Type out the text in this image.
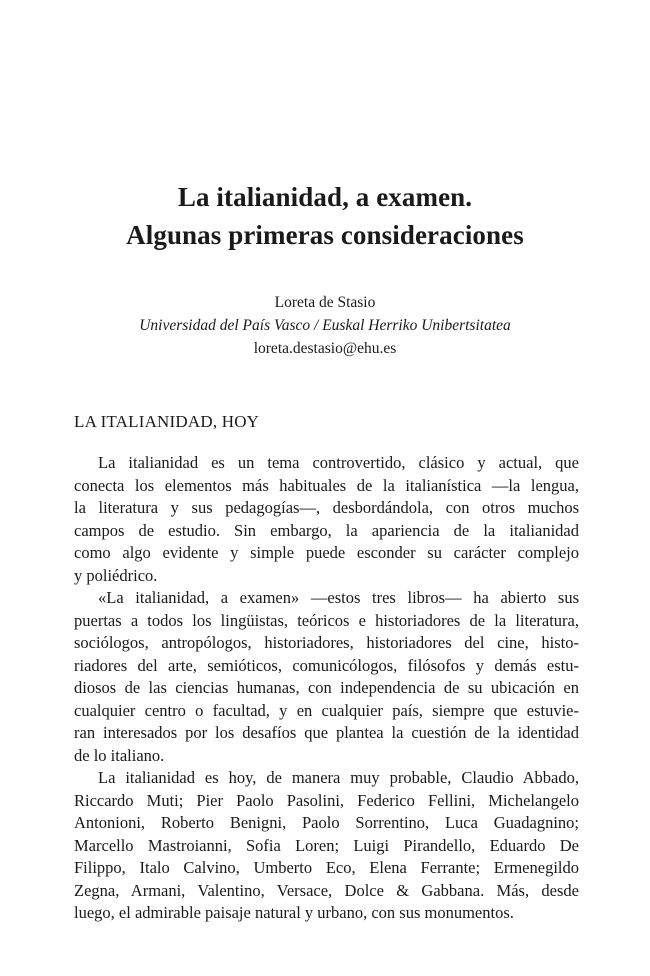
La italianidad, a examen.
Algunas primeras consideraciones
Loreta de Stasio
Universidad del País Vasco / Euskal Herriko Unibertsitatea
loreta.destasio@ehu.es
LA ITALIANIDAD, HOY
La italianidad es un tema controvertido, clásico y actual, que
conecta los elementos más habituales de la italianística —la lengua,
la literatura y sus pedagogías—, desbordándola, con otros muchos
campos de estudio. Sin embargo, la apariencia de la italianidad
como algo evidente y simple puede esconder su carácter complejo
y poliédrico.
«La italianidad, a examen» —estos tres libros— ha abierto sus
puertas a todos los lingüistas, teóricos e historiadores de la literatura,
sociólogos, antropólogos, historiadores, historiadores del cine, histo-
riadores del arte, semióticos, comunicólogos, filósofos y demás estu-
diosos de las ciencias humanas, con independencia de su ubicación en
cualquier centro o facultad, y en cualquier país, siempre que estuvie-
ran interesados por los desafíos que plantea la cuestión de la identidad
de lo italiano.
La italianidad es hoy, de manera muy probable, Claudio Abbado,
Riccardo Muti; Pier Paolo Pasolini, Federico Fellini, Michelangelo
Antonioni, Roberto Benigni, Paolo Sorrentino, Luca Guadagnino;
Marcello Mastroianni, Sofia Loren; Luigi Pirandello, Eduardo De
Filippo, Italo Calvino, Umberto Eco, Elena Ferrante; Ermenegildo
Zegna, Armani, Valentino, Versace, Dolce & Gabbana. Más, desde
luego, el admirable paisaje natural y urbano, con sus monumentos.
